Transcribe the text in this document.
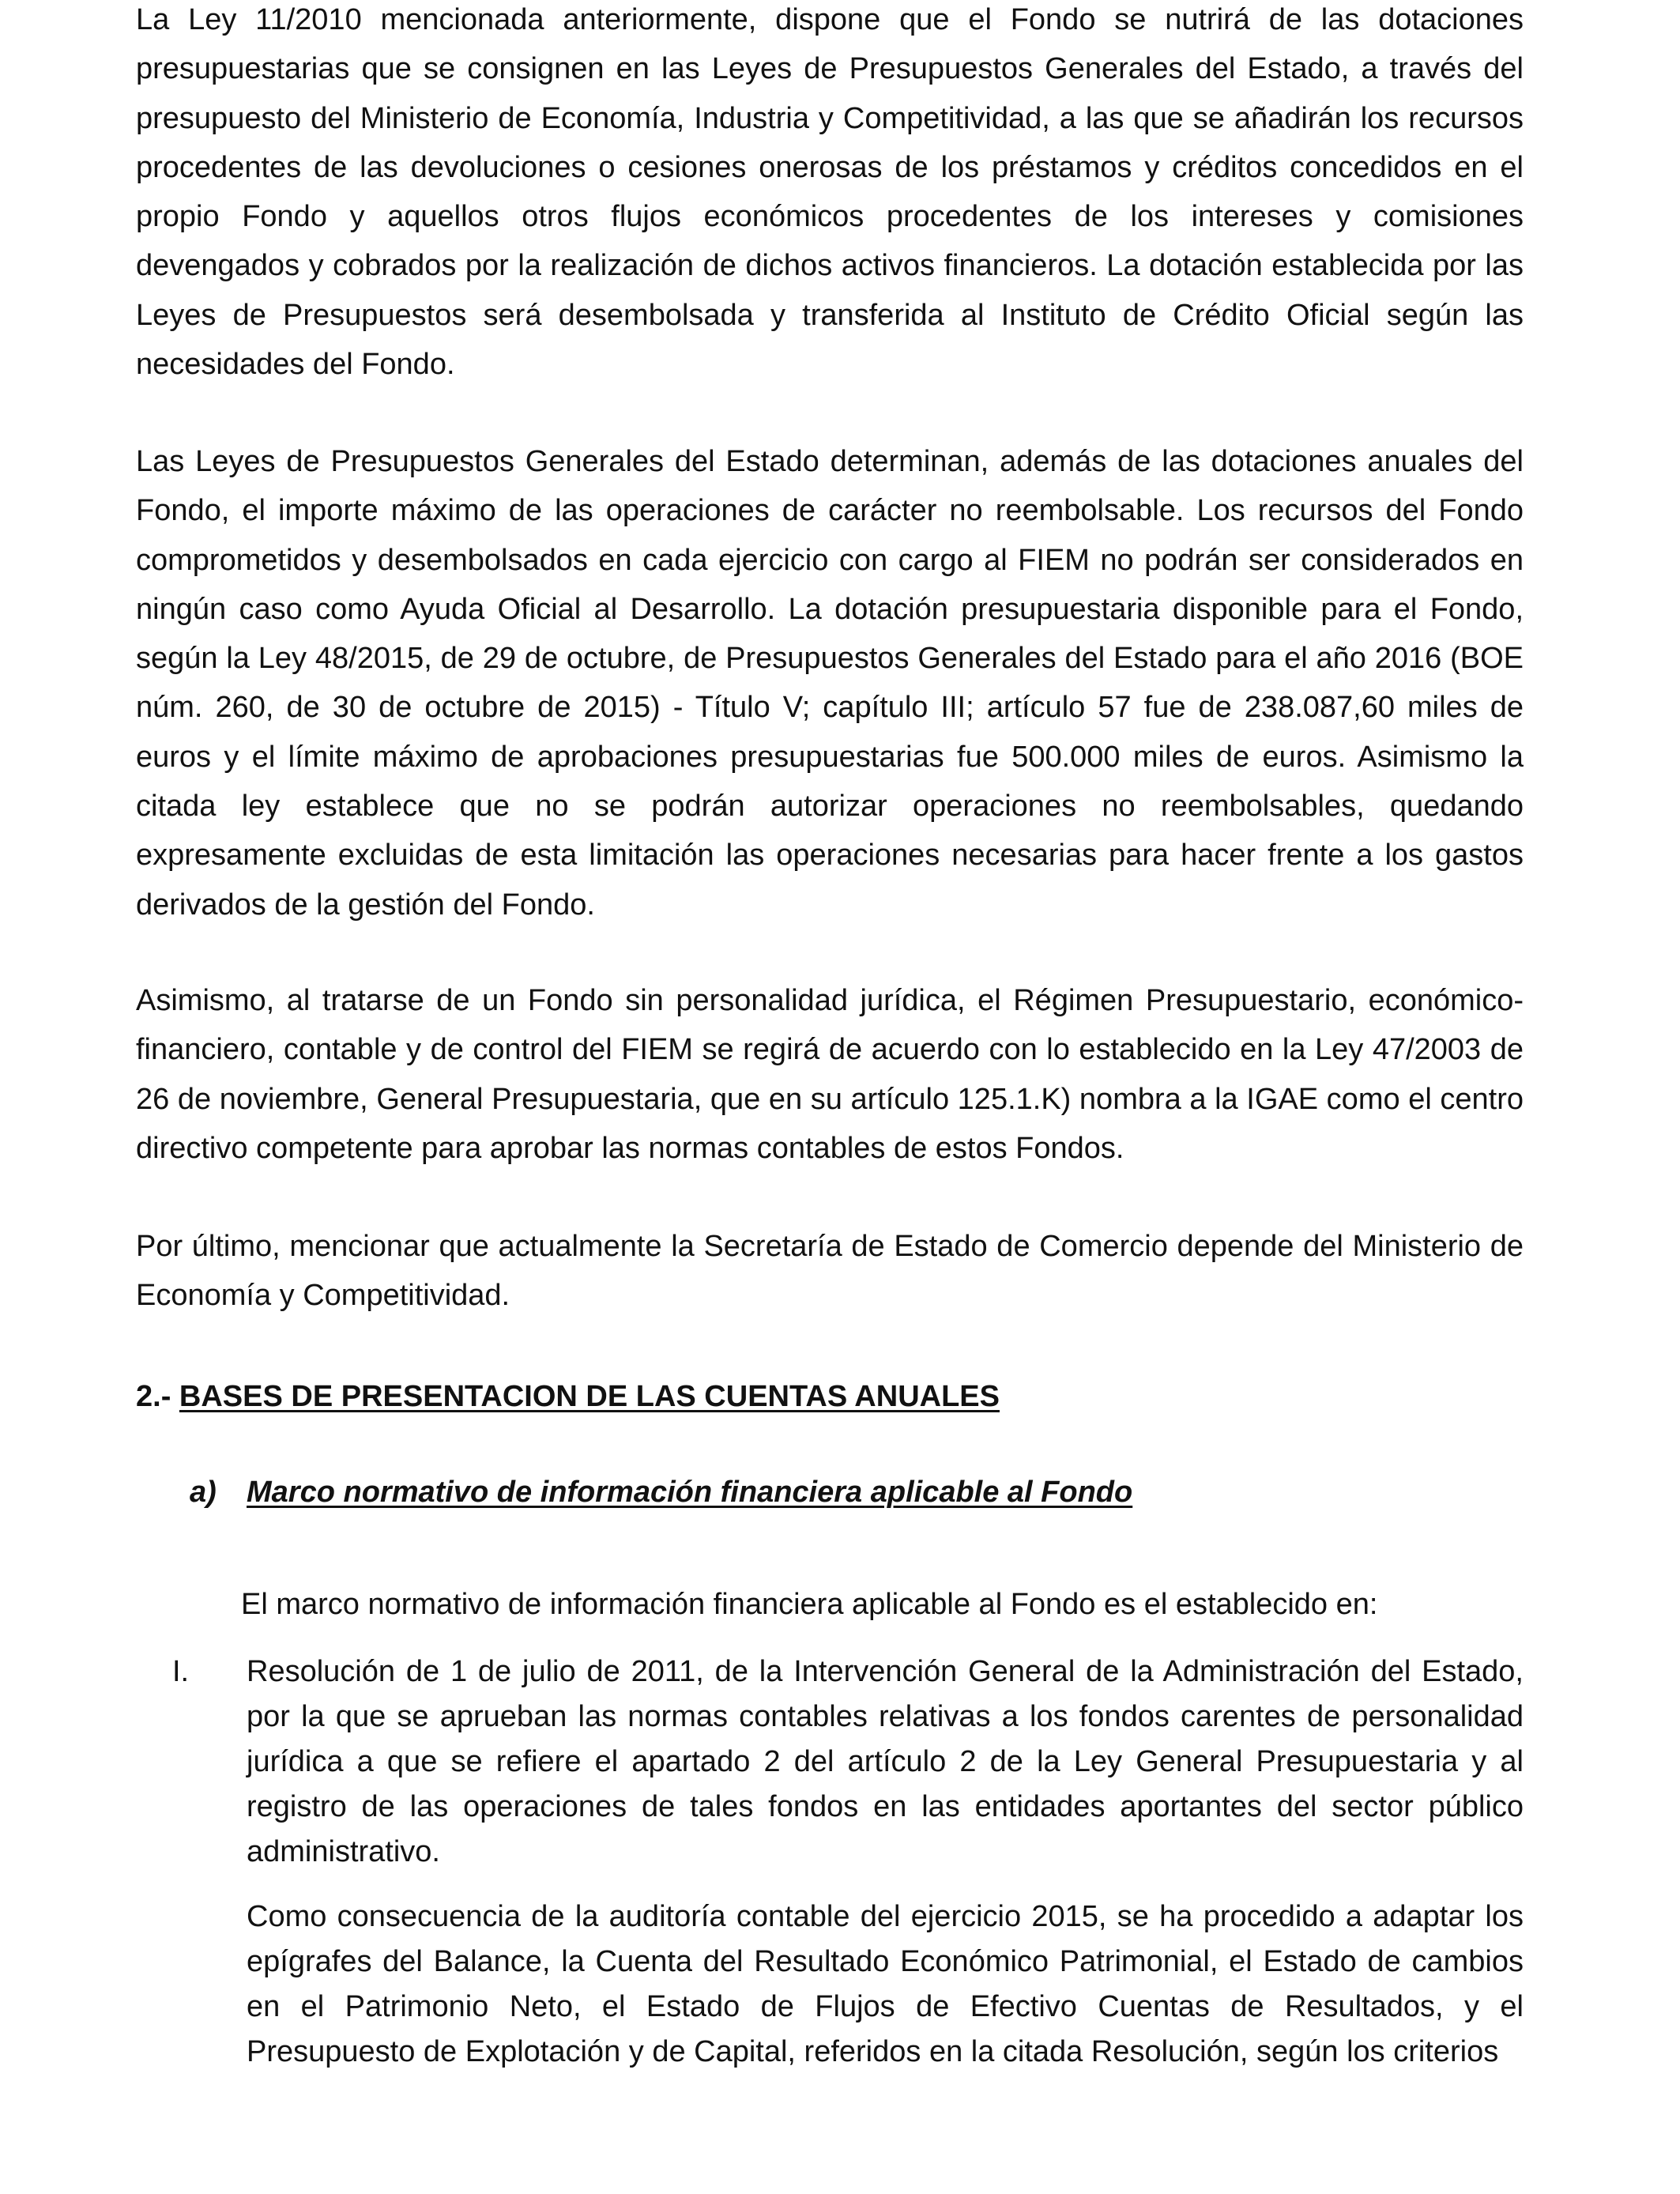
La Ley 11/2010 mencionada anteriormente, dispone que el Fondo se nutrirá de las dotaciones presupuestarias que se consignen en las Leyes de Presupuestos Generales del Estado, a través del presupuesto del Ministerio de Economía, Industria y Competitividad, a las que se añadirán los recursos procedentes de las devoluciones o cesiones onerosas de los préstamos y créditos concedidos en el propio Fondo y aquellos otros flujos económicos procedentes de los intereses y comisiones devengados y cobrados por la realización de dichos activos financieros. La dotación establecida por las Leyes de Presupuestos será desembolsada y transferida al Instituto de Crédito Oficial según las necesidades del Fondo.

Las Leyes de Presupuestos Generales del Estado determinan, además de las dotaciones anuales del Fondo, el importe máximo de las operaciones de carácter no reembolsable. Los recursos del Fondo comprometidos y desembolsados en cada ejercicio con cargo al FIEM no podrán ser considerados en ningún caso como Ayuda Oficial al Desarrollo. La dotación presupuestaria disponible para el Fondo, según la Ley 48/2015, de 29 de octubre, de Presupuestos Generales del Estado para el año 2016 (BOE núm. 260, de 30 de octubre de 2015) - Título V; capítulo III; artículo 57 fue de 238.087,60 miles de euros y el límite máximo de aprobaciones presupuestarias fue 500.000 miles de euros. Asimismo la citada ley establece que no se podrán autorizar operaciones no reembolsables, quedando expresamente excluidas de esta limitación las operaciones necesarias para hacer frente a los gastos derivados de la gestión del Fondo.

Asimismo, al tratarse de un Fondo sin personalidad jurídica, el Régimen Presupuestario, económico-financiero, contable y de control del FIEM se regirá de acuerdo con lo establecido en la Ley 47/2003 de 26 de noviembre, General Presupuestaria, que en su artículo 125.1.K) nombra a la IGAE como el centro directivo competente para aprobar las normas contables de estos Fondos.

Por último, mencionar que actualmente la Secretaría de Estado de Comercio depende del Ministerio de Economía y Competitividad.

2.- BASES DE PRESENTACION DE LAS CUENTAS ANUALES
a) Marco normativo de información financiera aplicable al Fondo

El marco normativo de información financiera aplicable al Fondo es el establecido en:

I. Resolución de 1 de julio de 2011, de la Intervención General de la Administración del Estado, por la que se aprueban las normas contables relativas a los fondos carentes de personalidad jurídica a que se refiere el apartado 2 del artículo 2 de la Ley General Presupuestaria y al registro de las operaciones de tales fondos en las entidades aportantes del sector público administrativo.

Como consecuencia de la auditoría contable del ejercicio 2015, se ha procedido a adaptar los epígrafes del Balance, la Cuenta del Resultado Económico Patrimonial, el Estado de cambios en el Patrimonio Neto, el Estado de Flujos de Efectivo Cuentas de Resultados, y el Presupuesto de Explotación y de Capital, referidos en la citada Resolución, según los criterios
